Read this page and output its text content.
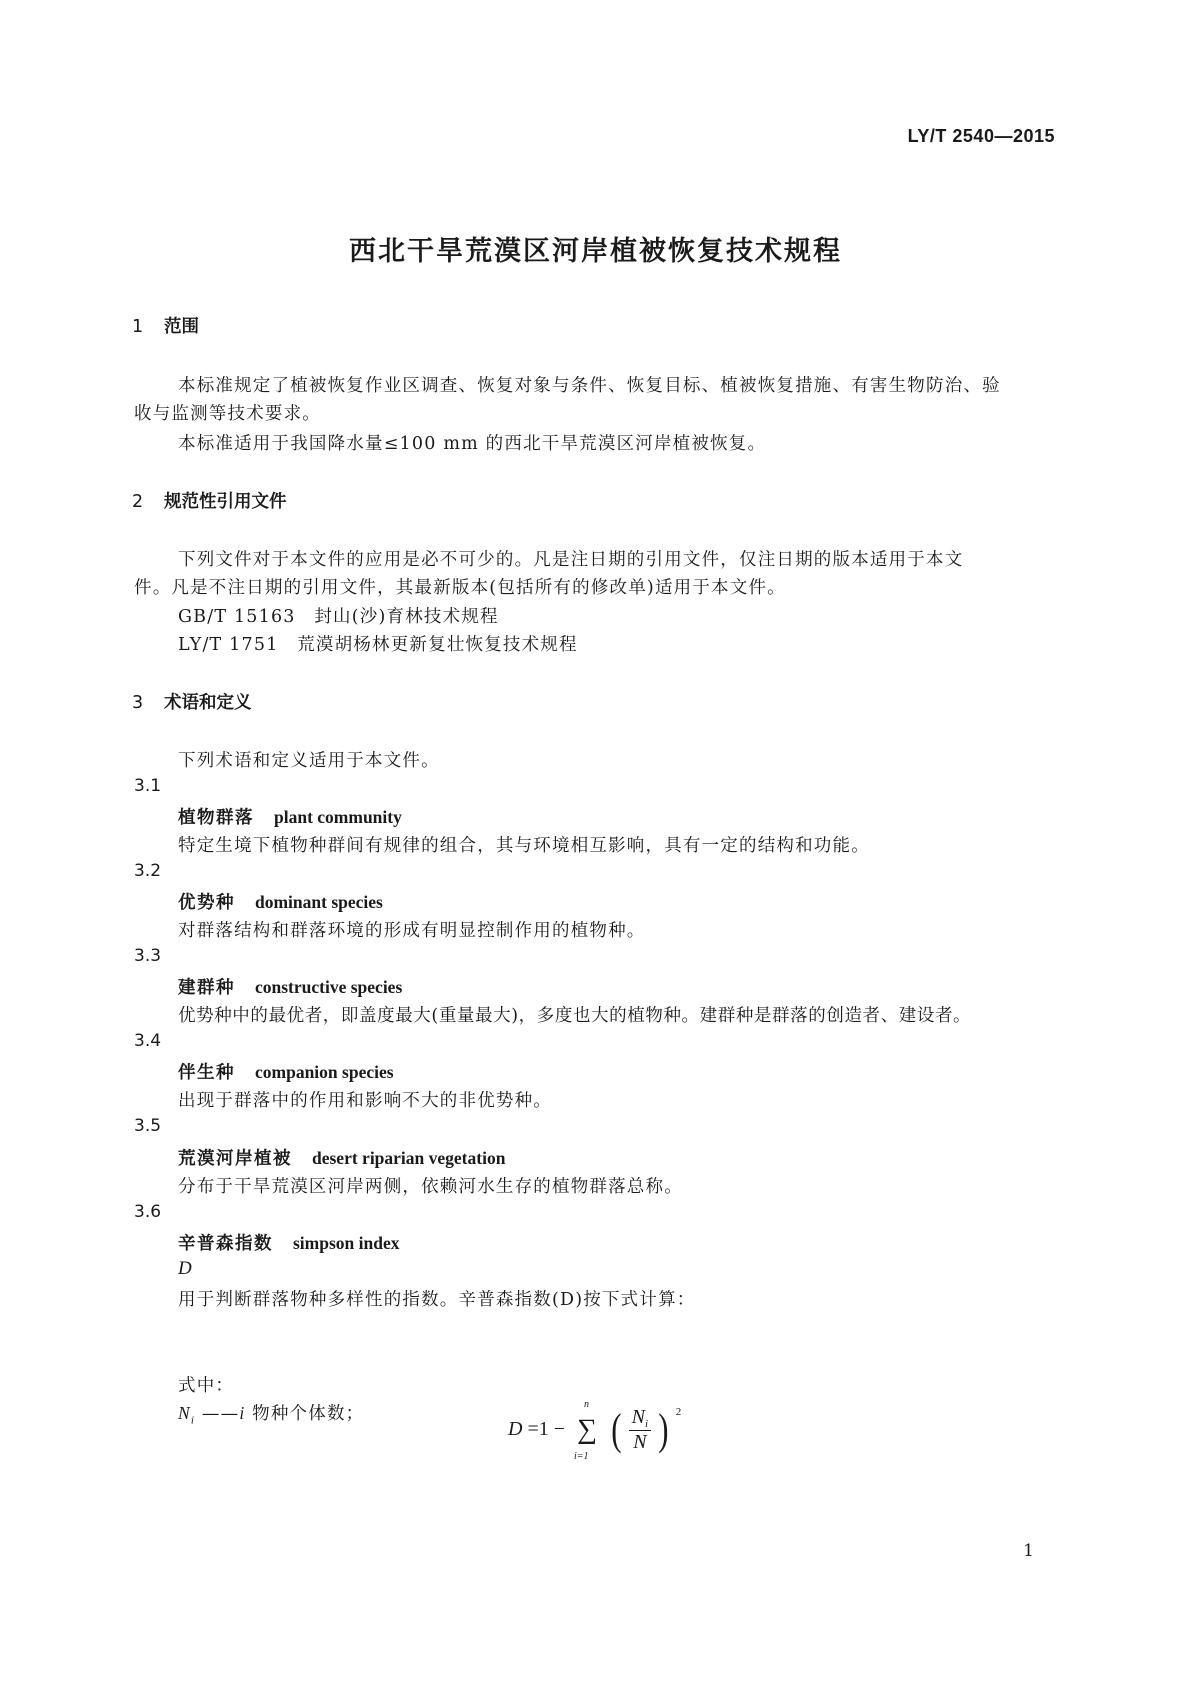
LY/T 2540—2015
西北干旱荒漠区河岸植被恢复技术规程
1 范围
本标准规定了植被恢复作业区调查、恢复对象与条件、恢复目标、植被恢复措施、有害生物防治、验
收与监测等技术要求。
本标准适用于我国降水量≤100 mm 的西北干旱荒漠区河岸植被恢复。
2 规范性引用文件
下列文件对于本文件的应用是必不可少的。凡是注日期的引用文件，仅注日期的版本适用于本文
件。凡是不注日期的引用文件，其最新版本(包括所有的修改单)适用于本文件。
GB/T 15163　 封山(沙)育林技术规程
LY/T 1751　 荒漠胡杨林更新复壮恢复技术规程
3 术语和定义
下列术语和定义适用于本文件。
3.1
植物群落 plant community
特定生境下植物种群间有规律的组合，其与环境相互影响，具有一定的结构和功能。
3.2
优势种 dominant species
对群落结构和群落环境的形成有明显控制作用的植物种。
3.3
建群种 constructive species
优势种中的最优者，即盖度最大(重量最大)，多度也大的植物种。建群种是群落的创造者、建设者。
3.4
伴生种 companion species
出现于群落中的作用和影响不大的非优势种。
3.5
荒漠河岸植被 desert riparian vegetation
分布于干旱荒漠区河岸两侧，依赖河水生存的植物群落总称。
3.6
辛普森指数 simpson index
D
用于判断群落物种多样性的指数。辛普森指数(D)按下式计算：
D =1 −
n
∑
i=1
( $\frac{N_i}{N}$ ) 2
式中：
$N_i$ ——i 物种个体数；
1
